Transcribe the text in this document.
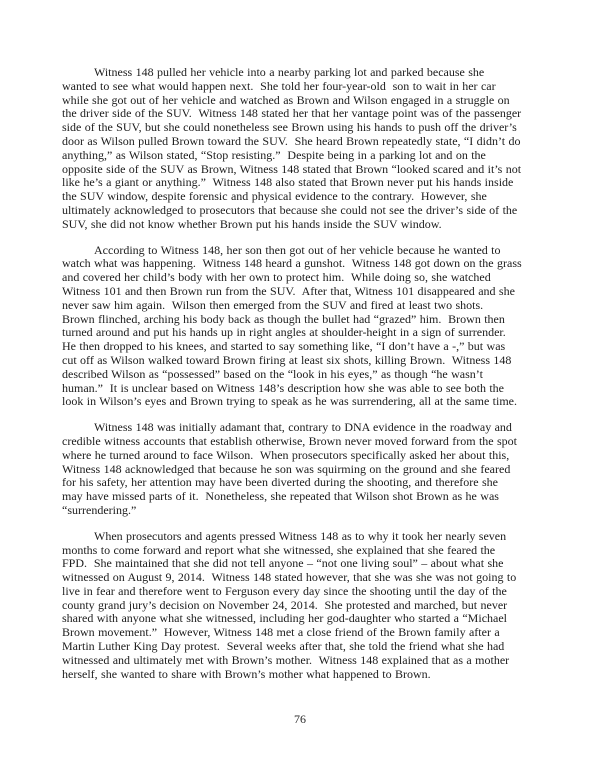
Witness 148 pulled her vehicle into a nearby parking lot and parked because she wanted to see what would happen next.  She told her four-year-old  son to wait in her car while she got out of her vehicle and watched as Brown and Wilson engaged in a struggle on the driver side of the SUV.  Witness 148 stated her that her vantage point was of the passenger side of the SUV, but she could nonetheless see Brown using his hands to push off the driver’s door as Wilson pulled Brown toward the SUV.  She heard Brown repeatedly state, “I didn’t do anything,” as Wilson stated, “Stop resisting.”  Despite being in a parking lot and on the opposite side of the SUV as Brown, Witness 148 stated that Brown “looked scared and it’s not like he’s a giant or anything.”  Witness 148 also stated that Brown never put his hands inside the SUV window, despite forensic and physical evidence to the contrary.  However, she ultimately acknowledged to prosecutors that because she could not see the driver’s side of the SUV, she did not know whether Brown put his hands inside the SUV window.

According to Witness 148, her son then got out of her vehicle because he wanted to watch what was happening.  Witness 148 heard a gunshot.  Witness 148 got down on the grass and covered her child’s body with her own to protect him.  While doing so, she watched Witness 101 and then Brown run from the SUV.  After that, Witness 101 disappeared and she never saw him again.  Wilson then emerged from the SUV and fired at least two shots.  Brown flinched, arching his body back as though the bullet had “grazed” him.  Brown then turned around and put his hands up in right angles at shoulder-height in a sign of surrender.  He then dropped to his knees, and started to say something like, “I don’t have a -,” but was cut off as Wilson walked toward Brown firing at least six shots, killing Brown.  Witness 148 described Wilson as “possessed” based on the “look in his eyes,” as though “he wasn’t human.”  It is unclear based on Witness 148’s description how she was able to see both the look in Wilson’s eyes and Brown trying to speak as he was surrendering, all at the same time.

Witness 148 was initially adamant that, contrary to DNA evidence in the roadway and credible witness accounts that establish otherwise, Brown never moved forward from the spot where he turned around to face Wilson.  When prosecutors specifically asked her about this, Witness 148 acknowledged that because he son was squirming on the ground and she feared for his safety, her attention may have been diverted during the shooting, and therefore she may have missed parts of it.  Nonetheless, she repeated that Wilson shot Brown as he was “surrendering.”

When prosecutors and agents pressed Witness 148 as to why it took her nearly seven months to come forward and report what she witnessed, she explained that she feared the FPD.  She maintained that she did not tell anyone – “not one living soul” – about what she witnessed on August 9, 2014.  Witness 148 stated however, that she was she was not going to live in fear and therefore went to Ferguson every day since the shooting until the day of the county grand jury’s decision on November 24, 2014.  She protested and marched, but never shared with anyone what she witnessed, including her god-daughter who started a “Michael Brown movement.”  However, Witness 148 met a close friend of the Brown family after a Martin Luther King Day protest.  Several weeks after that, she told the friend what she had witnessed and ultimately met with Brown’s mother.  Witness 148 explained that as a mother herself, she wanted to share with Brown’s mother what happened to Brown.

76
